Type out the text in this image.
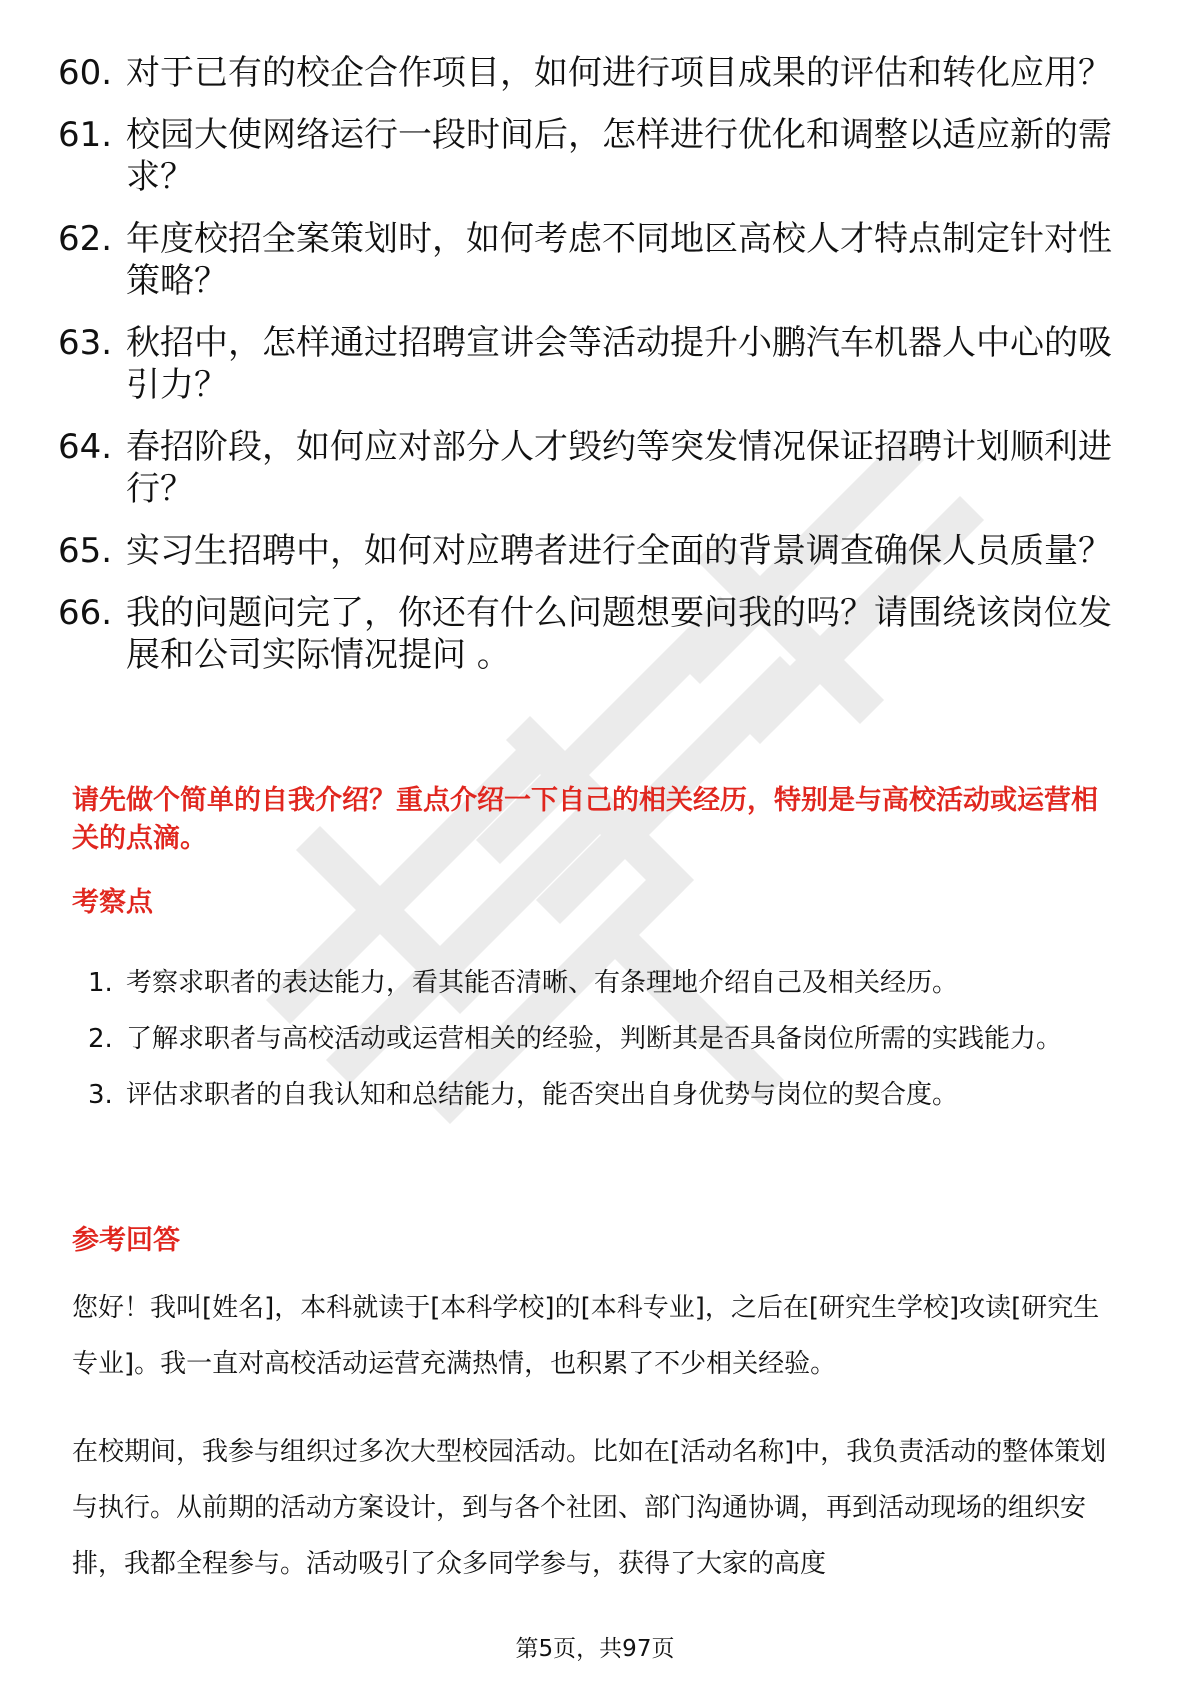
60. 对于已有的校企合作项目，如何进行项目成果的评估和转化应用？
61. 校园大使网络运行一段时间后，怎样进行优化和调整以适应新的需求？
62. 年度校招全案策划时，如何考虑不同地区高校人才特点制定针对性策略？
63. 秋招中，怎样通过招聘宣讲会等活动提升小鹏汽车机器人中心的吸引力？
64. 春招阶段，如何应对部分人才毁约等突发情况保证招聘计划顺利进行？
65. 实习生招聘中，如何对应聘者进行全面的背景调查确保人员质量？
66. 我的问题问完了，你还有什么问题想要问我的吗？请围绕该岗位发展和公司实际情况提问 。
请先做个简单的自我介绍？重点介绍一下自己的相关经历，特别是与高校活动或运营相关的点滴。
考察点
1. 考察求职者的表达能力，看其能否清晰、有条理地介绍自己及相关经历。
2. 了解求职者与高校活动或运营相关的经验，判断其是否具备岗位所需的实践能力。
3. 评估求职者的自我认知和总结能力，能否突出自身优势与岗位的契合度。
参考回答

您好！我叫[姓名]，本科就读于[本科学校]的[本科专业]，之后在[研究生学校]攻读[研究生专业]。我一直对高校活动运营充满热情，也积累了不少相关经验。

在校期间，我参与组织过多次大型校园活动。比如在[活动名称]中，我负责活动的整体策划与执行。从前期的活动方案设计，到与各个社团、部门沟通协调，再到活动现场的组织安排，我都全程参与。活动吸引了众多同学参与，获得了大家的高度

第5页，共97页
